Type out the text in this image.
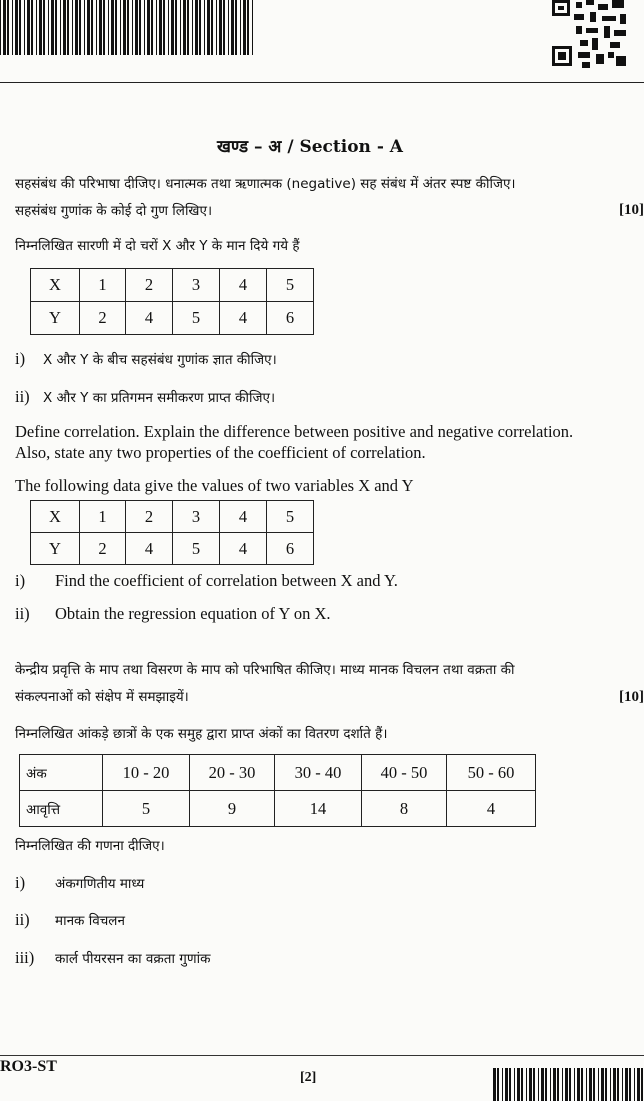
खण्ड – अ / Section - A
सहसंबंध की परिभाषा दीजिए। धनात्मक तथा ऋणात्मक (negative) सह संबंध में अंतर स्पष्ट कीजिए।
सहसंबंध गुणांक के कोई दो गुण लिखिए।	[10]
निम्नलिखित सारणी में दो चरों X और Y के मान दिये गये हैं
X	1	2	3	4	5
Y	2	4	5	4	6
i) X और Y के बीच सहसंबंध गुणांक ज्ञात कीजिए।
ii) X और Y का प्रतिगमन समीकरण प्राप्त कीजिए।
Define correlation. Explain the difference between positive and negative correlation.
Also, state any two properties of the coefficient of correlation.
The following data give the values of two variables X and Y
X	1	2	3	4	5
Y	2	4	5	4	6
i) Find the coefficient of correlation between X and Y.
ii) Obtain the regression equation of Y on X.
केन्द्रीय प्रवृत्ति के माप तथा विसरण के माप को परिभाषित कीजिए। माध्य मानक विचलन तथा वक्रता की
संकल्पनाओं को संक्षेप में समझाइयें।	[10]
निम्नलिखित आंकड़े छात्रों के एक समुह द्वारा प्राप्त अंकों का वितरण दर्शाते हैं।
अंक	10 - 20	20 - 30	30 - 40	40 - 50	50 - 60
आवृत्ति	5	9	14	8	4
निम्नलिखित की गणना दीजिए।
i) अंकगणितीय माध्य
ii) मानक विचलन
iii) कार्ल पीयरसन का वक्रता गुणांक
RO3-ST
[2]
